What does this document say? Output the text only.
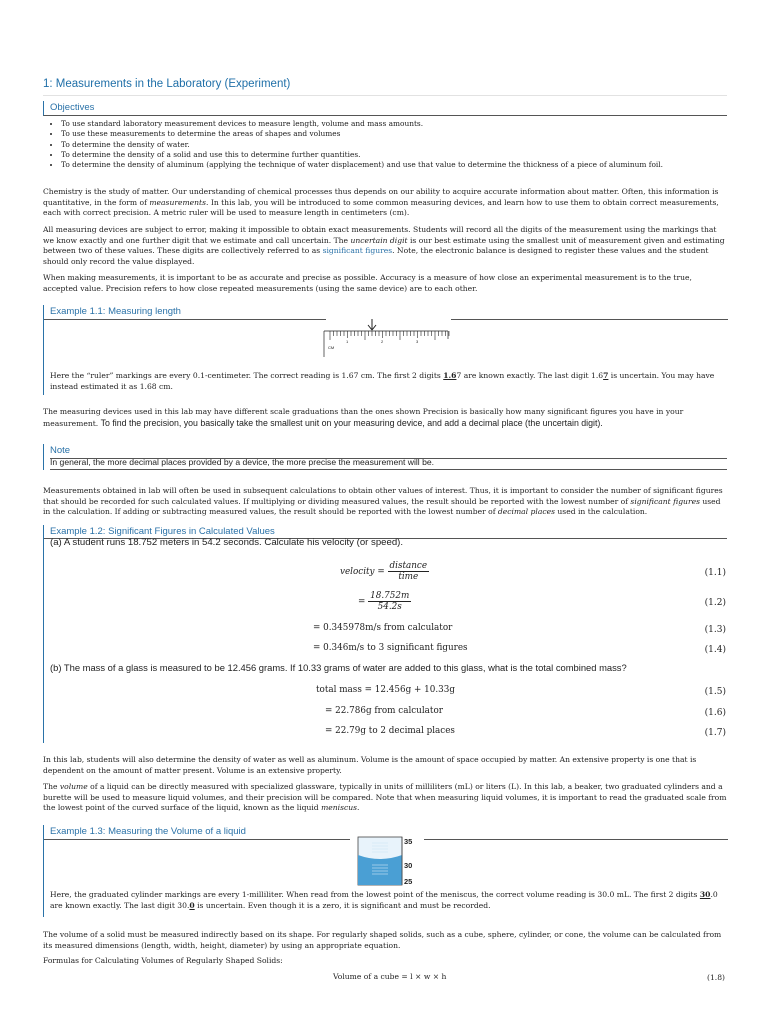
1: Measurements in the Laboratory (Experiment)
Objectives
• To use standard laboratory measurement devices to measure length, volume and mass amounts.
• To use these measurements to determine the areas of shapes and volumes
• To determine the density of water.
• To determine the density of a solid and use this to determine further quantities.
• To determine the density of aluminum (applying the technique of water displacement) and use that value to determine the thickness of a piece of aluminum foil.

Chemistry is the study of matter. Our understanding of chemical processes thus depends on our ability to acquire accurate information about matter. Often, this information is quantitative, in the form of measurements. In this lab, you will be introduced to some common measuring devices, and learn how to use them to obtain correct measurements, each with correct precision. A metric ruler will be used to measure length in centimeters (cm).

All measuring devices are subject to error, making it impossible to obtain exact measurements. Students will record all the digits of the measurement using the markings that we know exactly and one further digit that we estimate and call uncertain. The uncertain digit is our best estimate using the smallest unit of measurement given and estimating between two of these values. These digits are collectively referred to as significant figures. Note, the electronic balance is designed to register these values and the student should only record the value displayed.

When making measurements, it is important to be as accurate and precise as possible. Accuracy is a measure of how close an experimental measurement is to the true, accepted value. Precision refers to how close repeated measurements (using the same device) are to each other.

Example 1.1: Measuring length
CM
1	2	3
Here the “ruler” markings are every 0.1-centimeter. The correct reading is 1.67 cm. The first 2 digits 1.67 are known exactly. The last digit 1.67 is uncertain. You may have instead estimated it as 1.68 cm.

The measuring devices used in this lab may have different scale graduations than the ones shown Precision is basically how many significant figures you have in your measurement. To find the precision, you basically take the smallest unit on your measuring device, and add a decimal place (the uncertain digit).

Note
In general, the more decimal places provided by a device, the more precise the measurement will be.

Measurements obtained in lab will often be used in subsequent calculations to obtain other values of interest. Thus, it is important to consider the number of significant figures that should be recorded for such calculated values. If multiplying or dividing measured values, the result should be reported with the lowest number of significant figures used in the calculation. If adding or subtracting measured values, the result should be reported with the lowest number of decimal places used in the calculation.

Example 1.2: Significant Figures in Calculated Values
(a) A student runs 18.752 meters in 54.2 seconds. Calculate his velocity (or speed).
velocity = $\frac{\text{distance}}{\text{time}}$	(1.1)
= $\frac{18.752m}{54.2s}$	(1.2)
= 0.345978m/s from calculator	(1.3)
= 0.346m/s to 3 significant figures	(1.4)
(b) The mass of a glass is measured to be 12.456 grams. If 10.33 grams of water are added to this glass, what is the total combined mass?
total mass = 12.456g + 10.33g	(1.5)
= 22.786g from calculator	(1.6)
= 22.79g to 2 decimal places	(1.7)

In this lab, students will also determine the density of water as well as aluminum. Volume is the amount of space occupied by matter. An extensive property is one that is dependent on the amount of matter present. Volume is an extensive property.

The volume of a liquid can be directly measured with specialized glassware, typically in units of milliliters (mL) or liters (L). In this lab, a beaker, two graduated cylinders and a burette will be used to measure liquid volumes, and their precision will be compared. Note that when measuring liquid volumes, it is important to read the graduated scale from the lowest point of the curved surface of the liquid, known as the liquid meniscus.

Example 1.3: Measuring the Volume of a liquid
35
30
25
Here, the graduated cylinder markings are every 1-milliliter. When read from the lowest point of the meniscus, the correct volume reading is 30.0 mL. The first 2 digits 30.0 are known exactly. The last digit 30.0 is uncertain. Even though it is a zero, it is significant and must be recorded.

The volume of a solid must be measured indirectly based on its shape. For regularly shaped solids, such as a cube, sphere, cylinder, or cone, the volume can be calculated from its measured dimensions (length, width, height, diameter) by using an appropriate equation.

Formulas for Calculating Volumes of Regularly Shaped Solids:

Volume of a cube = l × w × h	(1.8)
